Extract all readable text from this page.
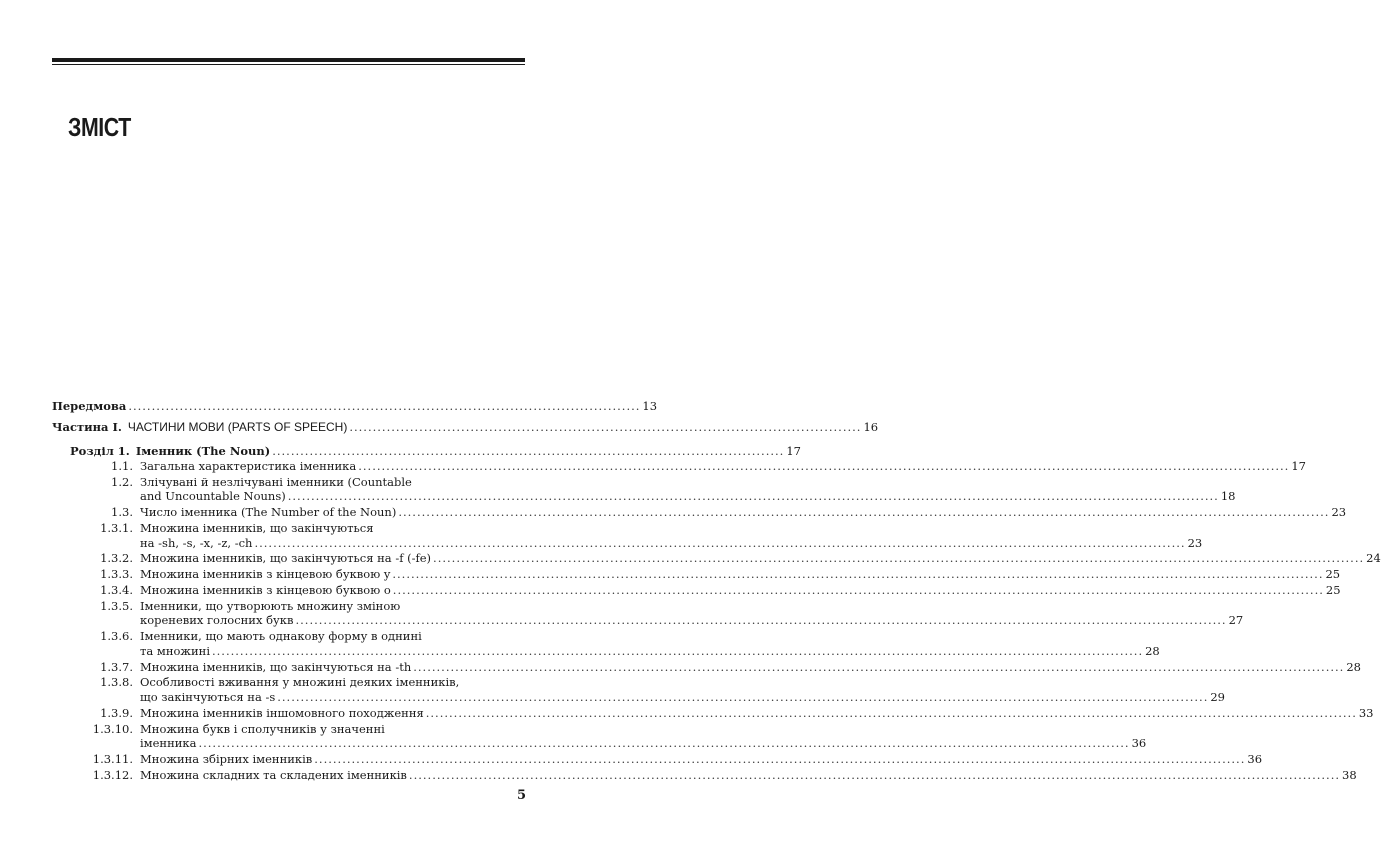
ЗМІСТ
Передмова .............................................................................................................. 13
Частина I. ЧАСТИНИ МОВИ (PARTS OF SPEECH) .............................................................................................................. 16
Розділ 1. Іменник (The Noun) .............................................................................................................. 17
1.1. Загальна характеристика іменника ........................................................................................................................................................................................................ 17
1.2. Злічувані й незлічувані іменники (Countable
and Uncountable Nouns) ........................................................................................................................................................................................................ 18
1.3. Число іменника (The Number of the Noun) ........................................................................................................................................................................................................ 23
1.3.1. Множина іменників, що закінчуються
на -sh, -s, -x, -z, -ch ........................................................................................................................................................................................................ 23
1.3.2. Множина іменників, що закінчуються на -f (-fe) ........................................................................................................................................................................................................ 24
1.3.3. Множина іменників з кінцевою буквою y ........................................................................................................................................................................................................ 25
1.3.4. Множина іменників з кінцевою буквою o ........................................................................................................................................................................................................ 25
1.3.5. Іменники, що утворюють множину зміною
кореневих голосних букв ........................................................................................................................................................................................................ 27
1.3.6. Іменники, що мають однакову форму в однині
та множині ........................................................................................................................................................................................................ 28
1.3.7. Множина іменників, що закінчуються на -th ........................................................................................................................................................................................................ 28
1.3.8. Особливості вживання у множині деяких іменників,
що закінчуються на -s ........................................................................................................................................................................................................ 29
1.3.9. Множина іменників іншомовного походження ........................................................................................................................................................................................................ 33
1.3.10. Множина букв і сполучників у значенні
іменника ........................................................................................................................................................................................................ 36
1.3.11. Множина збірних іменників ........................................................................................................................................................................................................ 36
1.3.12. Множина складних та складених іменників ........................................................................................................................................................................................................ 38
5
